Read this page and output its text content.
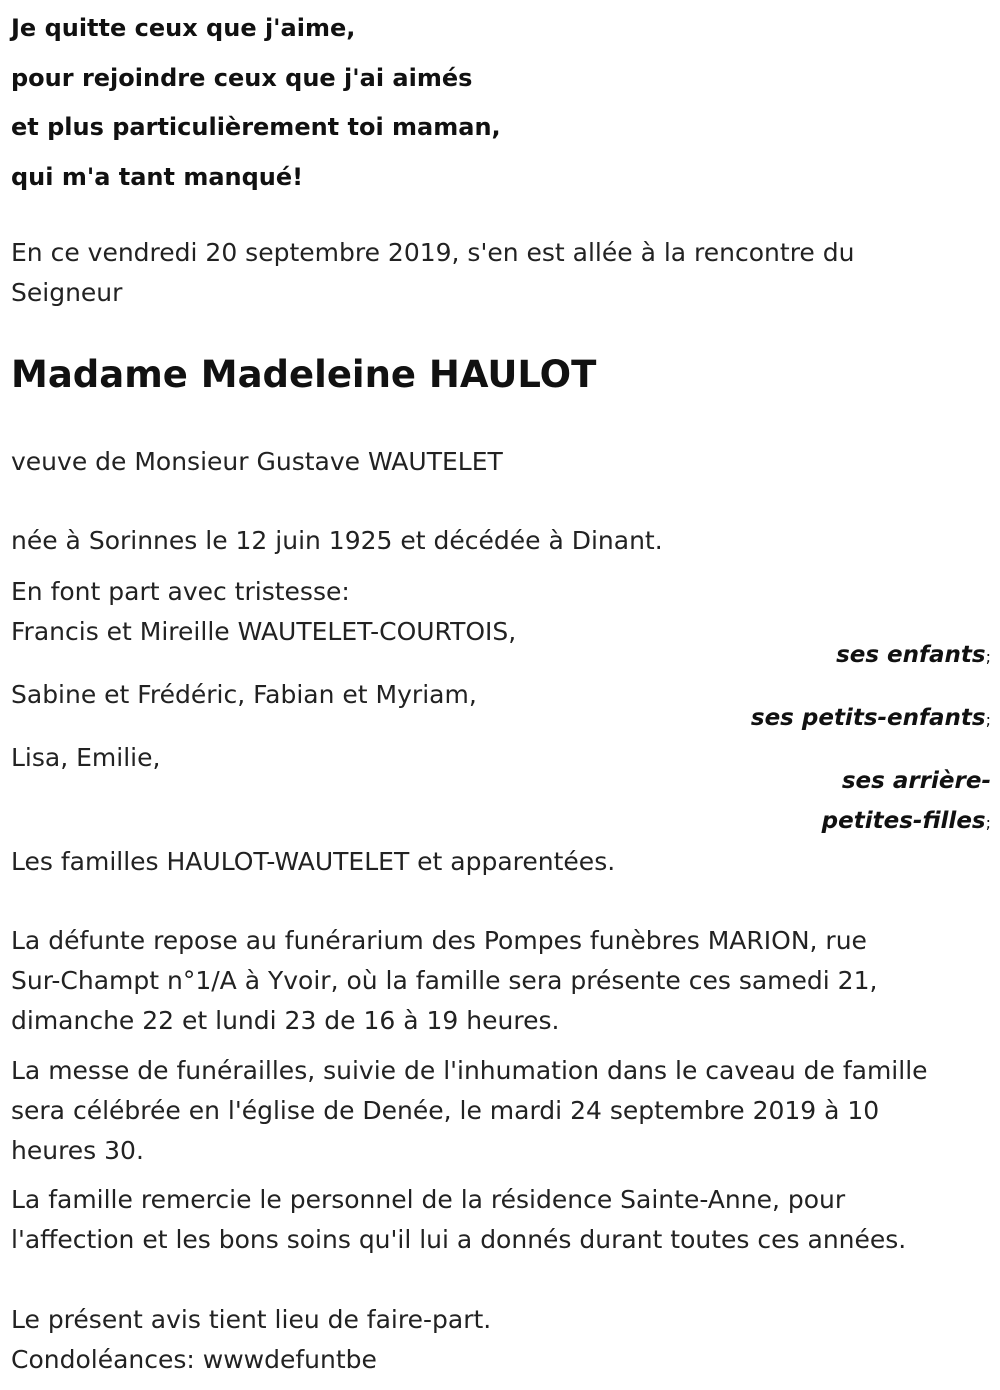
Je quitte ceux que j'aime,
pour rejoindre ceux que j'ai aimés
et plus particulièrement toi maman,
qui m'a tant manqué!
En ce vendredi 20 septembre 2019, s'en est allée à la rencontre du
Seigneur
Madame Madeleine HAULOT
veuve de Monsieur Gustave WAUTELET
née à Sorinnes le 12 juin 1925 et décédée à Dinant.
En font part avec tristesse:
Francis et Mireille WAUTELET-COURTOIS,
ses enfants;
Sabine et Frédéric, Fabian et Myriam,
ses petits-enfants;
Lisa, Emilie,
ses arrière-
petites-filles;
Les familles HAULOT-WAUTELET et apparentées.
La défunte repose au funérarium des Pompes funèbres MARION, rue
Sur-Champt n°1/A à Yvoir, où la famille sera présente ces samedi 21,
dimanche 22 et lundi 23 de 16 à 19 heures.
La messe de funérailles, suivie de l'inhumation dans le caveau de famille
sera célébrée en l'église de Denée, le mardi 24 septembre 2019 à 10
heures 30.
La famille remercie le personnel de la résidence Sainte-Anne, pour
l'affection et les bons soins qu'il lui a donnés durant toutes ces années.
Le présent avis tient lieu de faire-part.
Condoléances: wwwdefuntbe
